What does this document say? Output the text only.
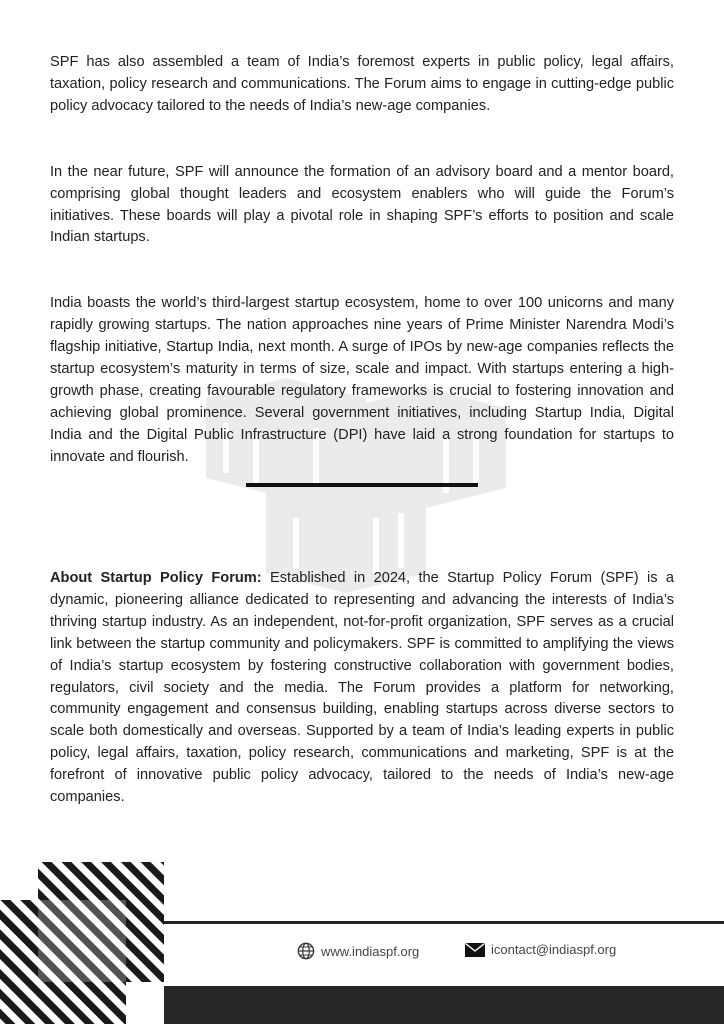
SPF has also assembled a team of India’s foremost experts in public policy, legal affairs, taxation, policy research and communications. The Forum aims to engage in cutting-edge public policy advocacy tailored to the needs of India’s new-age companies.

In the near future, SPF will announce the formation of an advisory board and a mentor board, comprising global thought leaders and ecosystem enablers who will guide the Forum’s initiatives. These boards will play a pivotal role in shaping SPF’s efforts to position and scale Indian startups.

India boasts the world’s third-largest startup ecosystem, home to over 100 unicorns and many rapidly growing startups. The nation approaches nine years of Prime Minister Narendra Modi’s flagship initiative, Startup India, next month. A surge of IPOs by new-age companies reflects the startup ecosystem’s maturity in terms of size, scale and impact. With startups entering a high-growth phase, creating favourable regulatory frameworks is crucial to fostering innovation and achieving global prominence. Several government initiatives, including Startup India, Digital India and the Digital Public Infrastructure (DPI) have laid a strong foundation for startups to innovate and flourish.

About Startup Policy Forum: Established in 2024, the Startup Policy Forum (SPF) is a dynamic, pioneering alliance dedicated to representing and advancing the interests of India’s thriving startup industry. As an independent, not-for-profit organization, SPF serves as a crucial link between the startup community and policymakers. SPF is committed to amplifying the views of India’s startup ecosystem by fostering constructive collaboration with government bodies, regulators, civil society and the media. The Forum provides a platform for networking, community engagement and consensus building, enabling startups across diverse sectors to scale both domestically and overseas. Supported by a team of India’s leading experts in public policy, legal affairs, taxation, policy research, communications and marketing, SPF is at the forefront of innovative public policy advocacy, tailored to the needs of India’s new-age companies.
www.indiaspf.org	icontact@indiaspf.org
